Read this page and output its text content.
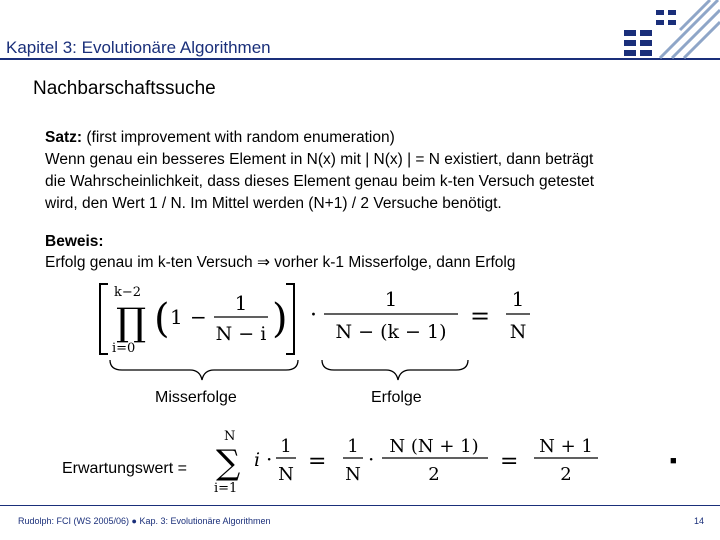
Kapitel 3: Evolutionäre Algorithmen
Nachbarschaftssuche
Satz: (first improvement with random enumeration)
Wenn genau ein besseres Element in N(x) mit | N(x) | = N existiert, dann beträgt
die Wahrscheinlichkeit, dass dieses Element genau beim k-ten Versuch getestet
wird, den Wert 1 / N. Im Mittel werden (N+1) / 2 Versuche benötigt.
Beweis:
Erfolg genau im k-ten Versuch ⇒ vorher k-1 Misserfolge, dann Erfolg
k−2
∏
i=0
( 1 −
1
N − i ) ·
1
N − (k − 1)
=
1
N
Misserfolge	Erfolge
Erwartungswert =
N
∑
i=1
i ·
1
N
=
1
N
·
N (N + 1)
2
=
N + 1
2
■
Rudolph: FCI (WS 2005/06) ● Kap. 3: Evolutionäre Algorithmen	14
